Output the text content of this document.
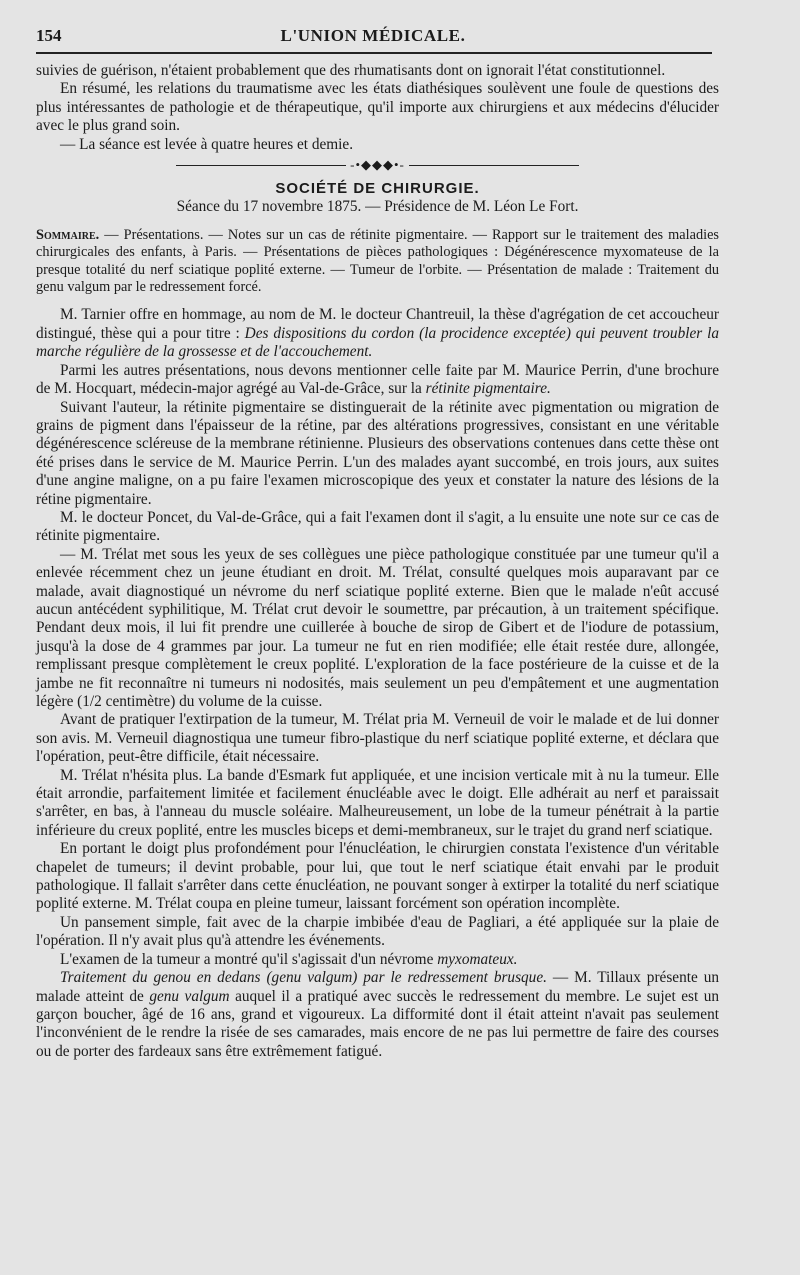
154	L'UNION MÉDICALE.

suivies de guérison, n'étaient probablement que des rhumatisants dont on ignorait l'état constitutionnel.

En résumé, les relations du traumatisme avec les états diathésiques soulèvent une foule de questions des plus intéressantes de pathologie et de thérapeutique, qu'il importe aux chirurgiens et aux médecins d'élucider avec le plus grand soin.

— La séance est levée à quatre heures et demie.

-•◆◆◆•-

SOCIÉTÉ DE CHIRURGIE.

Séance du 17 novembre 1875. — Présidence de M. Léon Le Fort.

Sommaire. — Présentations. — Notes sur un cas de rétinite pigmentaire. — Rapport sur le traitement des maladies chirurgicales des enfants, à Paris. — Présentations de pièces pathologiques : Dégénérescence myxomateuse de la presque totalité du nerf sciatique poplité externe. — Tumeur de l'orbite. — Présentation de malade : Traitement du genu valgum par le redressement forcé.

M. Tarnier offre en hommage, au nom de M. le docteur Chantreuil, la thèse d'agrégation de cet accoucheur distingué, thèse qui a pour titre : Des dispositions du cordon (la procidence exceptée) qui peuvent troubler la marche régulière de la grossesse et de l'accouchement.

Parmi les autres présentations, nous devons mentionner celle faite par M. Maurice Perrin, d'une brochure de M. Hocquart, médecin-major agrégé au Val-de-Grâce, sur la rétinite pigmentaire.

Suivant l'auteur, la rétinite pigmentaire se distinguerait de la rétinite avec pigmentation ou migration de grains de pigment dans l'épaisseur de la rétine, par des altérations progressives, consistant en une véritable dégénérescence scléreuse de la membrane rétinienne. Plusieurs des observations contenues dans cette thèse ont été prises dans le service de M. Maurice Perrin. L'un des malades ayant succombé, en trois jours, aux suites d'une angine maligne, on a pu faire l'examen microscopique des yeux et constater la nature des lésions de la rétine pigmentaire.

M. le docteur Poncet, du Val-de-Grâce, qui a fait l'examen dont il s'agit, a lu ensuite une note sur ce cas de rétinite pigmentaire.

— M. Trélat met sous les yeux de ses collègues une pièce pathologique constituée par une tumeur qu'il a enlevée récemment chez un jeune étudiant en droit. M. Trélat, consulté quelques mois auparavant par ce malade, avait diagnostiqué un névrome du nerf sciatique poplité externe. Bien que le malade n'eût accusé aucun antécédent syphilitique, M. Trélat crut devoir le soumettre, par précaution, à un traitement spécifique. Pendant deux mois, il lui fit prendre une cuillerée à bouche de sirop de Gibert et de l'iodure de potassium, jusqu'à la dose de 4 grammes par jour. La tumeur ne fut en rien modifiée; elle était restée dure, allongée, remplissant presque complètement le creux poplité. L'exploration de la face postérieure de la cuisse et de la jambe ne fit reconnaître ni tumeurs ni nodosités, mais seulement un peu d'empâtement et une augmentation légère (1/2 centimètre) du volume de la cuisse.

Avant de pratiquer l'extirpation de la tumeur, M. Trélat pria M. Verneuil de voir le malade et de lui donner son avis. M. Verneuil diagnostiqua une tumeur fibro-plastique du nerf sciatique poplité externe, et déclara que l'opération, peut-être difficile, était nécessaire.

M. Trélat n'hésita plus. La bande d'Esmark fut appliquée, et une incision verticale mit à nu la tumeur. Elle était arrondie, parfaitement limitée et facilement énucléable avec le doigt. Elle adhérait au nerf et paraissait s'arrêter, en bas, à l'anneau du muscle soléaire. Malheureusement, un lobe de la tumeur pénétrait à la partie inférieure du creux poplité, entre les muscles biceps et demi-membraneux, sur le trajet du grand nerf sciatique.

En portant le doigt plus profondément pour l'énucléation, le chirurgien constata l'existence d'un véritable chapelet de tumeurs; il devint probable, pour lui, que tout le nerf sciatique était envahi par le produit pathologique. Il fallait s'arrêter dans cette énucléation, ne pouvant songer à extirper la totalité du nerf sciatique poplité externe. M. Trélat coupa en pleine tumeur, laissant forcément son opération incomplète.

Un pansement simple, fait avec de la charpie imbibée d'eau de Pagliari, a été appliquée sur la plaie de l'opération. Il n'y avait plus qu'à attendre les événements.

L'examen de la tumeur a montré qu'il s'agissait d'un névrome myxomateux.

Traitement du genou en dedans (genu valgum) par le redressement brusque. — M. Tillaux présente un malade atteint de genu valgum auquel il a pratiqué avec succès le redressement du membre. Le sujet est un garçon boucher, âgé de 16 ans, grand et vigoureux. La difformité dont il était atteint n'avait pas seulement l'inconvénient de le rendre la risée de ses camarades, mais encore de ne pas lui permettre de faire des courses ou de porter des fardeaux sans être extrêmement fatigué.
